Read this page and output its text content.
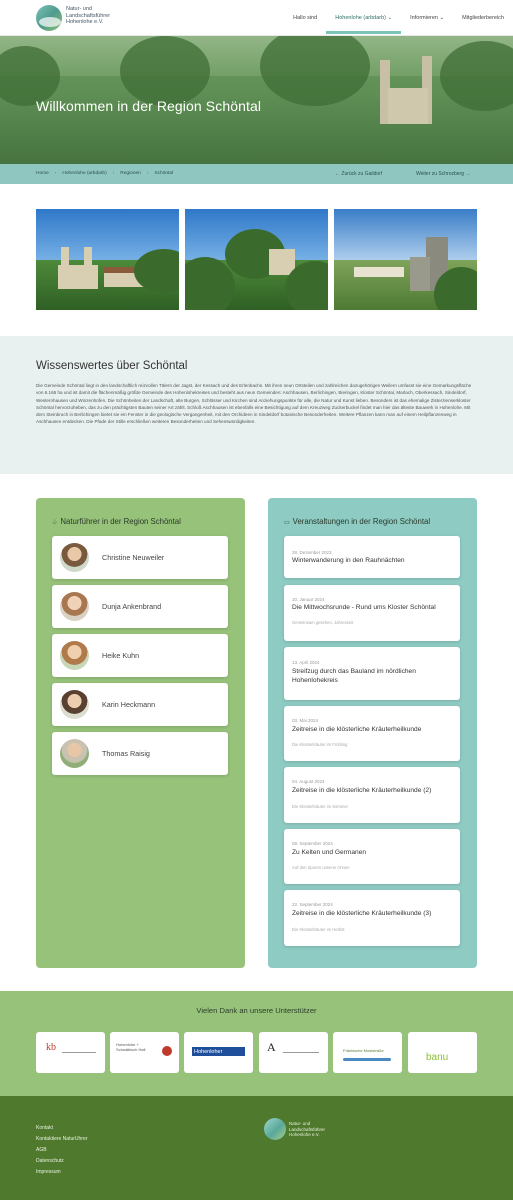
Natur- und
Landschaftsführer
Hohenlohe e.V.
Hallo sind	Hohenlohe (arbdarb) ⌄	Informieren ⌄	Mitgliederbereich
Willkommen in der Region Schöntal
Home › Hohenlohe (arbdarb) › Regionen › Schöntal	← Zurück zu Gaildorf	Weiter zu Schrozberg →
Wissenswertes über Schöntal

Die Gemeinde Schöntal liegt in den landschaftlich reizvollen Tälern der Jagst, der Kessach und des Erlenbachs. Mit ihren neun Ortsteilen und zahlreichen dazugehörigen Weilern umfasst sie eine Gemarkungsfläche von 6.166 ha und ist damit die flächenmäßig größte Gemeinde des Hohenlohekreises und besteht aus neun Gemeinden: Aschhausen, Berlichingen, Bieringen, Kloster Schöntal, Marlach, Oberkessach, Sindeldorf, Westernhausen und Winzenhofen. Die Schönheiten der Landschaft, alte Burgen, Schlösser und Kirchen sind Anziehungspunkte für alle, die Natur und Kunst lieben. Besonders ist das ehemalige Zisterzienserkloster Schöntal hervorzuheben, das zu den prächtigsten Bauten seiner Art zählt. Schloß Aschhausen ist ebenfalls eine Besichtigung auf dem Kreuzweg Zuckerbuckel findet man hier das älteste Bauwerk in Hohenlohe. Mit dem Steinbruch in Berlichingen bietet sie ein Fenster in die geologische Vergangenheit, mit den Orchideen in Sindeldorf botanische Besonderheiten. Weitere Pflanzen kann man auf einem Heilpflanzenweg in Aschhausen entdecken. Die Pfade der Stille erschließen weiteren Besonderheiten und Sehenswürdigkeiten.

♧ Naturführer in der Region Schöntal
Christine Neuweiler
Dunja Ankenbrand
Heike Kuhn
Karin Heckmann
Thomas Raisig
▭ Veranstaltungen in der Region Schöntal
28. Dezember 2023
Winterwanderung in den Rauhnächten
10. Januar 2024
Die Mittwochsrunde - Rund ums Kloster Schöntal
Gemeinsam gesehen, Jahreszeit
13. April 2024
Streifzug durch das Bauland im nördlichen Hohenlohekreis
03. Mai 2024
Zeitreise in die klösterliche Kräuterheilkunde
Die Klosterkräuter im Frühling
04. August 2024
Zeitreise in die klösterliche Kräuterheilkunde (2)
Die Klosterkräuter im Sommer
08. September 2024
Zu Kelten und Germanen
Auf den Spuren unserer Ahnen
22. September 2024
Zeitreise in die klösterliche Kräuterheilkunde (3)
Die Klosterkräuter im Herbst
Vielen Dank an unsere Unterstützer
kb	Hohenlohe + Schwäbisch Hall	Hohenloher	A	Fränkische Moststraße
banu
Kontakt
Kontaktiere NaturUhrer
AGB
Datenschutz
Impressum
Natur- und
Landschaftsführer
Hohenlohe e.V.
